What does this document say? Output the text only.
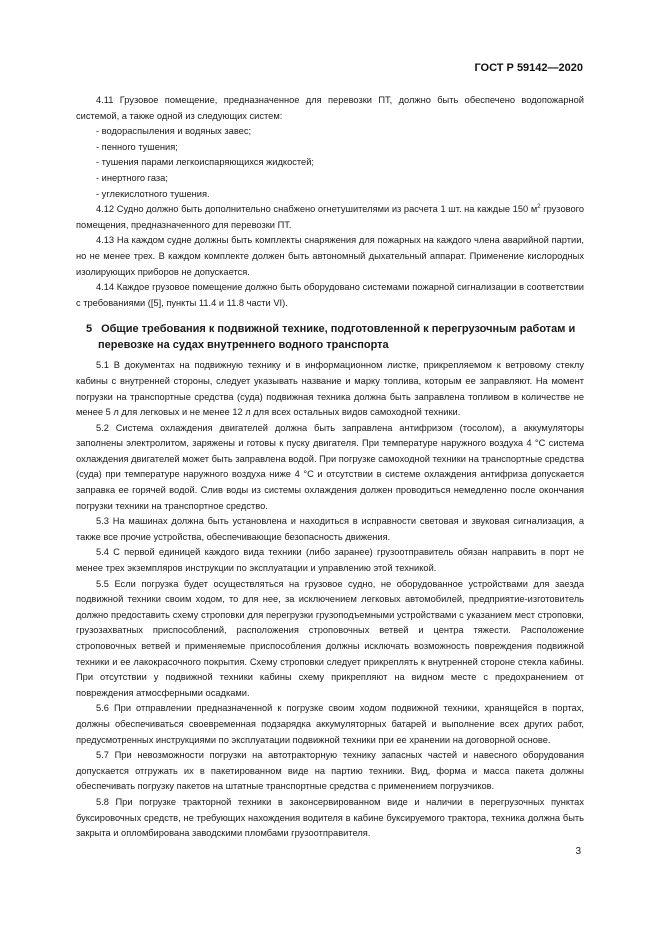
ГОСТ Р 59142—2020

4.11 Грузовое помещение, предназначенное для перевозки ПТ, должно быть обеспечено водопожарной системой, а также одной из следующих систем:

- водораспыления и водяных завес;

- пенного тушения;

- тушения парами легкоиспаряющихся жидкостей;

- инертного газа;

- углекислотного тушения.

4.12 Судно должно быть дополнительно снабжено огнетушителями из расчета 1 шт. на каждые 150 $м^2$ грузового помещения, предназначенного для перевозки ПТ.

4.13 На каждом судне должны быть комплекты снаряжения для пожарных на каждого члена аварийной партии, но не менее трех. В каждом комплекте должен быть автономный дыхательный аппарат. Применение кислородных изолирующих приборов не допускается.

4.14 Каждое грузовое помещение должно быть оборудовано системами пожарной сигнализации в соответствии с требованиями ([5], пункты 11.4 и 11.8 части VI).

5 Общие требования к подвижной технике, подготовленной к перегрузочным работам и перевозке на судах внутреннего водного транспорта

5.1 В документах на подвижную технику и в информационном листке, прикрепляемом к ветровому стеклу кабины с внутренней стороны, следует указывать название и марку топлива, которым ее заправляют. На момент погрузки на транспортные средства (суда) подвижная техника должна быть заправлена топливом в количестве не менее 5 л для легковых и не менее 12 л для всех остальных видов самоходной техники.

5.2 Система охлаждения двигателей должна быть заправлена антифризом (тосолом), а аккумуляторы заполнены электролитом, заряжены и готовы к пуску двигателя. При температуре наружного воздуха 4 °C система охлаждения двигателей может быть заправлена водой. При погрузке самоходной техники на транспортные средства (суда) при температуре наружного воздуха ниже 4 °C и отсутствии в системе охлаждения антифриза допускается заправка ее горячей водой. Слив воды из системы охлаждения должен проводиться немедленно после окончания погрузки техники на транспортное средство.

5.3 На машинах должна быть установлена и находиться в исправности световая и звуковая сигнализация, а также все прочие устройства, обеспечивающие безопасность движения.

5.4 С первой единицей каждого вида техники (либо заранее) грузоотправитель обязан направить в порт не менее трех экземпляров инструкции по эксплуатации и управлению этой техникой.

5.5 Если погрузка будет осуществляться на грузовое судно, не оборудованное устройствами для заезда подвижной техники своим ходом, то для нее, за исключением легковых автомобилей, предприятие-изготовитель должно предоставить схему строповки для перегрузки грузоподъемными устройствами с указанием мест строповки, грузозахватных приспособлений, расположения строповочных ветвей и центра тяжести. Расположение строповочных ветвей и применяемые приспособления должны исключать возможность повреждения подвижной техники и ее лакокрасочного покрытия. Схему строповки следует прикреплять к внутренней стороне стекла кабины. При отсутствии у подвижной техники кабины схему прикрепляют на видном месте с предохранением от повреждения атмосферными осадками.

5.6 При отправлении предназначенной к погрузке своим ходом подвижной техники, хранящейся в портах, должны обеспечиваться своевременная подзарядка аккумуляторных батарей и выполнение всех других работ, предусмотренных инструкциями по эксплуатации подвижной техники при ее хранении на договорной основе.

5.7 При невозможности погрузки на автотракторную технику запасных частей и навесного оборудования допускается отгружать их в пакетированном виде на партию техники. Вид, форма и масса пакета должны обеспечивать погрузку пакетов на штатные транспортные средства с применением погрузчиков.

5.8 При погрузке тракторной техники в законсервированном виде и наличии в перегрузочных пунктах буксировочных средств, не требующих нахождения водителя в кабине буксируемого трактора, техника должна быть закрыта и опломбирована заводскими пломбами грузоотправителя.

3
